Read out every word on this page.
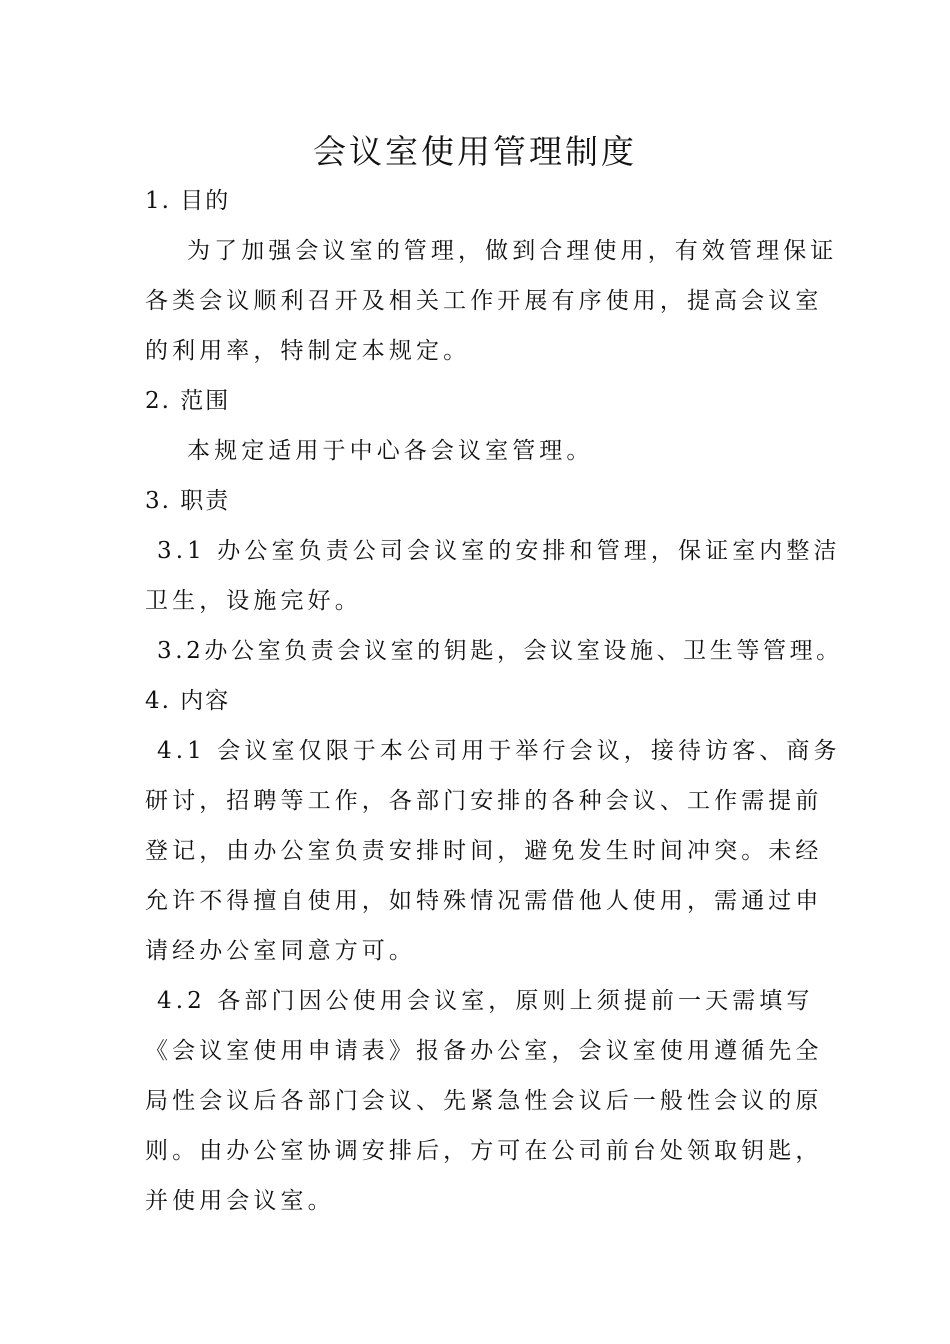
会议室使用管理制度
1. 目的
为了加强会议室的管理，做到合理使用，有效管理保证
各类会议顺利召开及相关工作开展有序使用，提高会议室
的利用率，特制定本规定。
2. 范围
本规定适用于中心各会议室管理。
3. 职责
3.1 办公室负责公司会议室的安排和管理，保证室内整洁
卫生，设施完好。
3.2办公室负责会议室的钥匙，会议室设施、卫生等管理。
4. 内容
4.1 会议室仅限于本公司用于举行会议，接待访客、商务
研讨，招聘等工作，各部门安排的各种会议、工作需提前
登记，由办公室负责安排时间，避免发生时间冲突。未经
允许不得擅自使用，如特殊情况需借他人使用，需通过申
请经办公室同意方可。
4.2 各部门因公使用会议室，原则上须提前一天需填写
《会议室使用申请表》报备办公室，会议室使用遵循先全
局性会议后各部门会议、先紧急性会议后一般性会议的原
则。由办公室协调安排后，方可在公司前台处领取钥匙，
并使用会议室。
